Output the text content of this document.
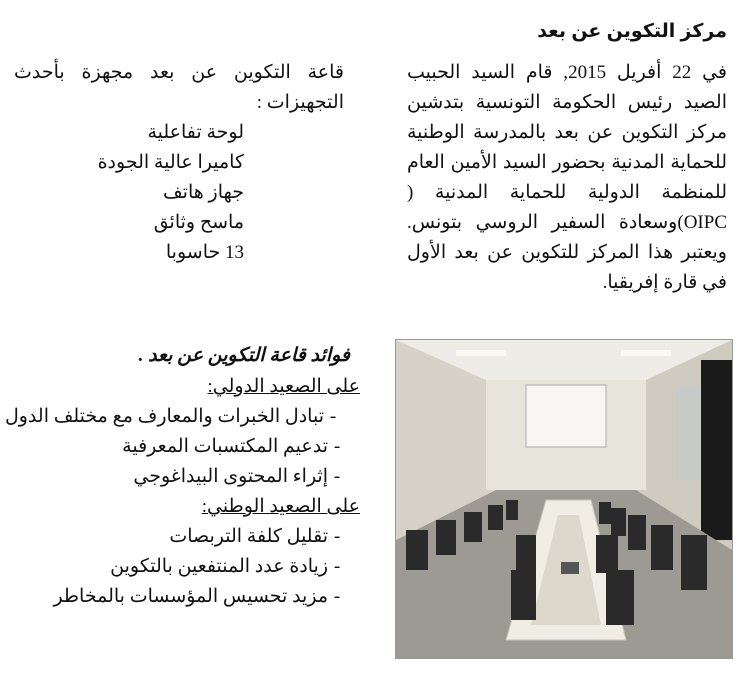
مركز التكوين عن بعد
في 22 أفريل 2015, قام السيد الحبيب الصيد رئيس الحكومة التونسية بتدشين مركز التكوين عن بعد بالمدرسة الوطنية للحماية المدنية بحضور السيد الأمين العام للمنظمة الدولية للحماية المدنية ( OIPC)وسعادة السفير الروسي بتونس. ويعتبر هذا المركز للتكوين عن بعد الأول في قارة إفريقيا.
قاعة التكوين عن بعد مجهزة بأحدث التجهيزات :
لوحة تفاعلية
كاميرا عالية الجودة
جهاز هاتف
ماسح وثائق
13 حاسوبا
فوائد قاعة التكوين عن بعد .
على الصعيد الدولي:
-تبادل الخبرات والمعارف مع مختلف الدول
-تدعيم المكتسبات المعرفية
-إثراء المحتوى البيداغوجي
على الصعيد الوطني:
-تقليل كلفة التربصات
-زيادة عدد المنتفعين بالتكوين
-مزيد تحسيس المؤسسات بالمخاطر
